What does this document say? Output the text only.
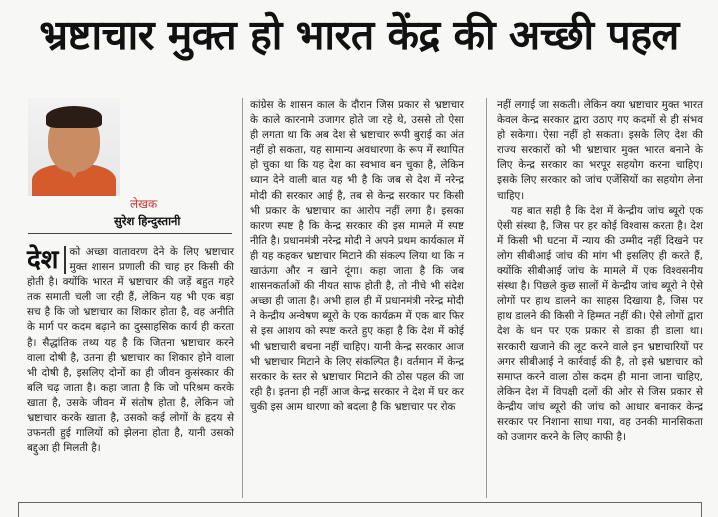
भ्रष्टाचार मुक्त हो भारत केंद्र की अच्छी पहल
लेखक
सुरेश हिन्दुस्तानी
देश	को अच्छा वातावरण देने के लिए भ्रष्टाचार मुक्त शासन प्रणाली की चाह हर किसी की होती है। क्योंकि भारत में भ्रष्टाचार की जड़ें बहुत गहरे तक समाती चली जा रही हैं, लेकिन यह भी एक बड़ा सच है कि जो भ्रष्टाचार का शिकार होता है, वह अनीति के मार्ग पर कदम बढ़ाने का दुस्साहसिक कार्य ही करता है। सैद्धांतिक तथ्य यह है कि जितना भ्रष्टाचार करने वाला दोषी है, उतना ही भ्रष्टाचार का शिकार होने वाला भी दोषी है, इसलिए दोनों का ही जीवन कुसंस्कार की बलि चढ़ जाता है। कहा जाता है कि जो परिश्रम करके खाता है, उसके जीवन में संतोष होता है, लेकिन जो भ्रष्टाचार करके खाता है, उसको कई लोगों के हृदय से उफनती हुई गालियों को झेलना होता है, यानी उसको बद्दुआ ही मिलती है।

कांग्रेस के शासन काल के दौरान जिस प्रकार से भ्रष्टाचार के काले कारनामे उजागर होते जा रहे थे, उससे तो ऐसा ही लगता था कि अब देश से भ्रष्टाचार रूपी बुराई का अंत नहीं हो सकता, यह सामान्य अवधारणा के रूप में स्थापित हो चुका था कि यह देश का स्वभाव बन चुका है, लेकिन ध्यान देने वाली बात यह भी है कि जब से देश में नरेन्द्र मोदी की सरकार आई है, तब से केन्द्र सरकार पर किसी भी प्रकार के भ्रष्टाचार का आरोप नहीं लगा है। इसका कारण स्पष्ट है कि केन्द्र सरकार की इस मामले में स्पष्ट नीति है। प्रधानमंत्री नरेन्द्र मोदी ने अपने प्रथम कार्यकाल में ही यह कहकर भ्रष्टाचार मिटाने की संकल्प लिया था कि न खाऊंगा और न खाने दूंगा। कहा जाता है कि जब शासनकर्ताओं की नीयत साफ होती है, तो नीचे भी संदेश अच्छा ही जाता है। अभी हाल ही में प्रधानमंत्री नरेन्द्र मोदी ने केन्द्रीय अन्वेषण ब्यूरो के एक कार्यक्रम में एक बार फिर से इस आशय को स्पष्ट करते हुए कहा है कि देश में कोई भी भ्रष्टाचारी बचना नहीं चाहिए। यानी केन्द्र सरकार आज भी भ्रष्टाचार मिटाने के लिए संकल्पित है। वर्तमान में केन्द्र सरकार के स्तर से भ्रष्टाचार मिटाने की ठोस पहल की जा रही है। इतना ही नहीं आज केन्द्र सरकार ने देश में घर कर चुकी इस आम धारणा को बदला है कि भ्रष्टाचार पर रोक

नहीं लगाई जा सकती। लेकिन क्या भ्रष्टाचार मुक्त भारत केवल केन्द्र सरकार द्वारा उठाए गए कदमों से ही संभव हो सकेगा। ऐसा नहीं हो सकता। इसके लिए देश की राज्य सरकारों को भी भ्रष्टाचार मुक्त भारत बनाने के लिए केन्द्र सरकार का भरपूर सहयोग करना चाहिए। इसके लिए सरकार को जांच एजेंसियों का सहयोग लेना चाहिए।

यह बात सही है कि देश में केन्द्रीय जांच ब्यूरो एक ऐसी संस्था है, जिस पर हर कोई विश्वास करता है। देश में किसी भी घटना में न्याय की उम्मीद नहीं दिखने पर लोग सीबीआई जांच की मांग भी इसलिए ही करते हैं, क्योंकि सीबीआई जांच के मामले में एक विश्वसनीय संस्था है। पिछले कुछ सालों में केन्द्रीय जांच ब्यूरो ने ऐसे लोगों पर हाथ डालने का साहस दिखाया है, जिस पर हाथ डालने की किसी ने हिम्मत नहीं की। ऐसे लोगों द्वारा देश के धन पर एक प्रकार से डाका ही डाला था। सरकारी खजाने की लूट करने वाले इन भ्रष्टाचारियों पर अगर सीबीआई ने कार्रवाई की है, तो इसे भ्रष्टाचार को समाप्त करने वाला ठोस कदम ही माना जाना चाहिए, लेकिन देश में विपक्षी दलों की ओर से जिस प्रकार से केन्द्रीय जांच ब्यूरो की जांच को आधार बनाकर केन्द्र सरकार पर निशाना साधा गया, वह उनकी मानसिकता को उजागर करने के लिए काफी है।
